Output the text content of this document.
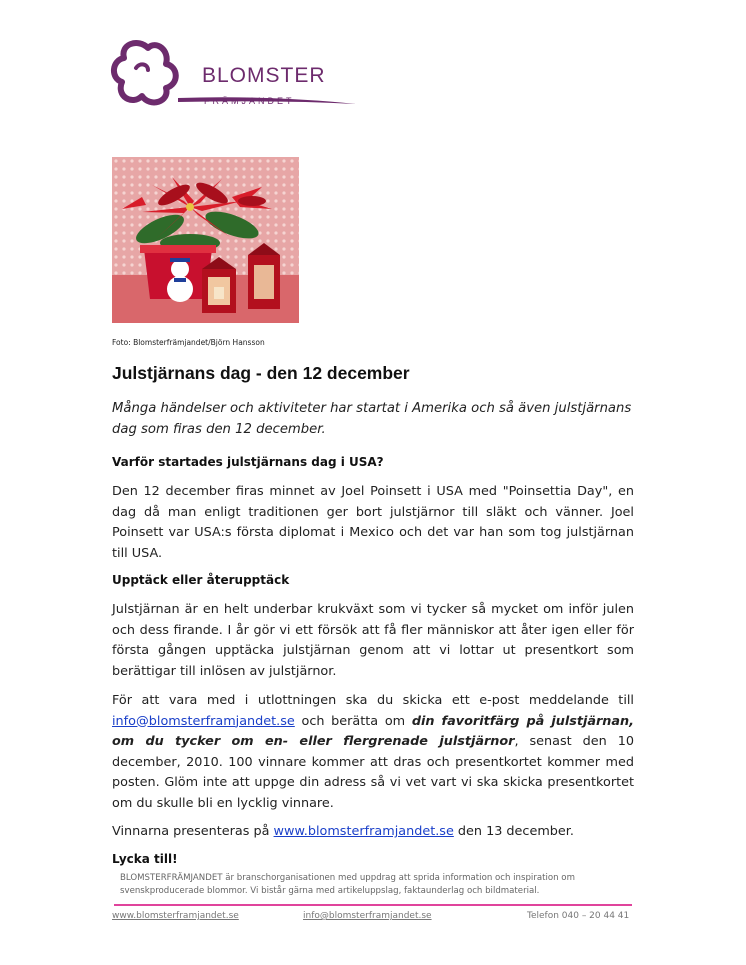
BLOMSTER
FRÄMJANDET
Foto: Blomsterfrämjandet/Björn Hansson
Julstjärnans dag - den 12 december
Många händelser och aktiviteter har startat i Amerika och så även julstjärnans dag som firas den 12 december.
Varför startades julstjärnans dag i USA?
Den 12 december firas minnet av Joel Poinsett i USA med "Poinsettia Day", en dag då man enligt traditionen ger bort julstjärnor till släkt och vänner. Joel Poinsett var USA:s första diplomat i Mexico och det var han som tog julstjärnan till USA.
Upptäck eller återupptäck
Julstjärnan är en helt underbar krukväxt som vi tycker så mycket om inför julen och dess firande. I år gör vi ett försök att få fler människor att åter igen eller för första gången upptäcka julstjärnan genom att vi lottar ut presentkort som berättigar till inlösen av julstjärnor.
För att vara med i utlottningen ska du skicka ett e-post meddelande till info@blomsterframjandet.se och berätta om din favoritfärg på julstjärnan, om du tycker om en- eller flergrenade julstjärnor, senast den 10 december, 2010. 100 vinnare kommer att dras och presentkortet kommer med posten. Glöm inte att uppge din adress så vi vet vart vi ska skicka presentkortet om du skulle bli en lycklig vinnare.
Vinnarna presenteras på www.blomsterframjandet.se den 13 december.
Lycka till!
BLOMSTERFRÄMJANDET är branschorganisationen med uppdrag att sprida information och inspiration om svenskproducerade blommor. Vi bistår gärna med artikeluppslag, faktaunderlag och bildmaterial.
www.blomsterframjandet.se	info@blomsterframjandet.se	Telefon 040 – 20 44 41
